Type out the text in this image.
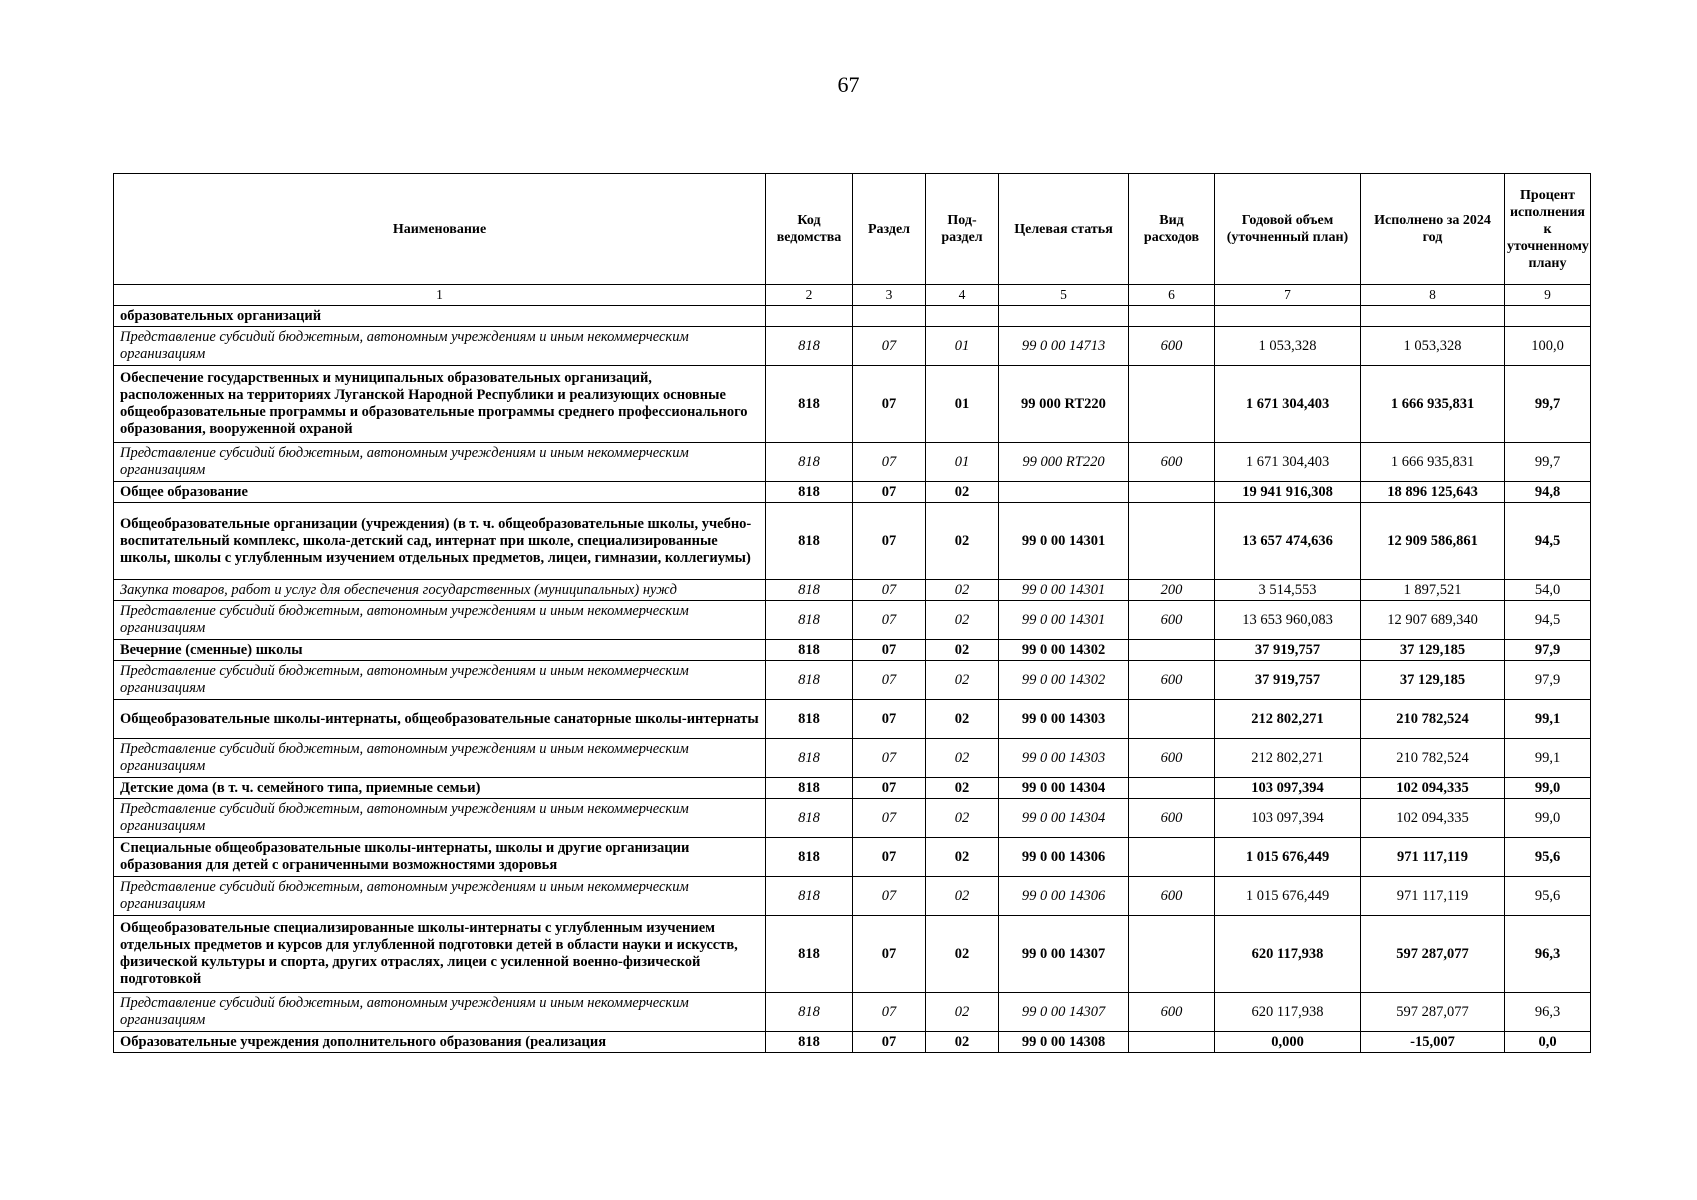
67
Наименование	Код ведомства	Раздел	Под-раздел	Целевая статья	Вид расходов	Годовой объем (уточненный план)	Исполнено за 2024 год	Процент исполнения к уточненному плану
1	2	3	4	5	6	7	8	9
образовательных организаций								
Представление субсидий бюджетным, автономным учреждениям и иным некоммерческим организациям	818	07	01	99 0 00 14713	600	1 053,328	1 053,328	100,0
Обеспечение государственных и муниципальных образовательных организаций, расположенных на территориях Луганской Народной Республики и реализующих основные общеобразовательные программы и образовательные программы среднего профессионального образования, вооруженной охраной	818	07	01	99 000 RT220		1 671 304,403	1 666 935,831	99,7
Представление субсидий бюджетным, автономным учреждениям и иным некоммерческим организациям	818	07	01	99 000 RT220	600	1 671 304,403	1 666 935,831	99,7
Общее образование	818	07	02			19 941 916,308	18 896 125,643	94,8
Общеобразовательные организации (учреждения) (в т. ч. общеобразовательные школы, учебно-воспитательный комплекс, школа-детский сад, интернат при школе, специализированные школы, школы с углубленным изучением отдельных предметов, лицеи, гимназии, коллегиумы)	818	07	02	99 0 00 14301		13 657 474,636	12 909 586,861	94,5
Закупка товаров, работ и услуг для обеспечения государственных (муниципальных) нужд	818	07	02	99 0 00 14301	200	3 514,553	1 897,521	54,0
Представление субсидий бюджетным, автономным учреждениям и иным некоммерческим организациям	818	07	02	99 0 00 14301	600	13 653 960,083	12 907 689,340	94,5
Вечерние (сменные) школы	818	07	02	99 0 00 14302		37 919,757	37 129,185	97,9
Представление субсидий бюджетным, автономным учреждениям и иным некоммерческим организациям	818	07	02	99 0 00 14302	600	37 919,757	37 129,185	97,9
Общеобразовательные школы-интернаты, общеобразовательные санаторные школы-интернаты	818	07	02	99 0 00 14303		212 802,271	210 782,524	99,1
Представление субсидий бюджетным, автономным учреждениям и иным некоммерческим организациям	818	07	02	99 0 00 14303	600	212 802,271	210 782,524	99,1
Детские дома (в т. ч. семейного типа, приемные семьи)	818	07	02	99 0 00 14304		103 097,394	102 094,335	99,0
Представление субсидий бюджетным, автономным учреждениям и иным некоммерческим организациям	818	07	02	99 0 00 14304	600	103 097,394	102 094,335	99,0
Специальные общеобразовательные школы-интернаты, школы и другие организации образования для детей с ограниченными возможностями здоровья	818	07	02	99 0 00 14306		1 015 676,449	971 117,119	95,6
Представление субсидий бюджетным, автономным учреждениям и иным некоммерческим организациям	818	07	02	99 0 00 14306	600	1 015 676,449	971 117,119	95,6
Общеобразовательные специализированные школы-интернаты с углубленным изучением отдельных предметов и курсов для углубленной подготовки детей в области науки и искусств, физической культуры и спорта, других отраслях, лицеи с усиленной военно-физической подготовкой	818	07	02	99 0 00 14307		620 117,938	597 287,077	96,3
Представление субсидий бюджетным, автономным учреждениям и иным некоммерческим организациям	818	07	02	99 0 00 14307	600	620 117,938	597 287,077	96,3
Образовательные учреждения дополнительного образования (реализация	818	07	02	99 0 00 14308		0,000	-15,007	0,0
